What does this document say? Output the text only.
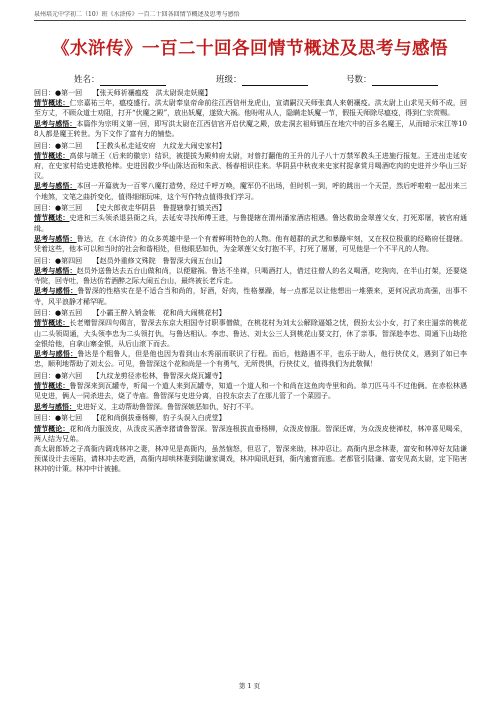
泉州培元中学初二（10）班《水浒传》一百二十回各回情节概述及思考与感悟
《水浒传》一百二十回各回情节概述及思考与感悟
姓名：	班级：	号数：

回目：●第一回　　【张天师祈禳瘟疫　洪太尉误走妖魔】

情节概述：仁宗嘉祐三年，瘟疫盛行。洪太尉奉皇帝命前往江西信州龙虎山，宣请嗣汉天师张真人来朝禳疫。洪太尉上山求见天师不成，回至方丈，不顾众道士劝阻，打开“伏魔之殿”，放出妖魔，遂致大祸。他吩咐从人，隐瞒走妖魔一节，假报天师除尽瘟疫，得到仁宗赏赐。

思考与感悟：本篇作为宗明义第一回，即写洪太尉在江西信宫开启伏魔之殿，放走洞玄祖师镇压在地穴中的百多名魔王，从而暗示宋江等108人都是魔王转世。为下文作了富有力的铺垫。

回目：●第二回　　【王教头私走延安府　九纹龙大闹史家村】

情节概述：高俅与端王（后来的徽宗）结识，被提拔为殿帅府太尉，对曾打翻他的王升的儿子八十万禁军教头王进施行报复。王进出走延安府，在史家村给史进教枪棒。史进因救少华山陈达而和朱武、杨春相识往来。华阴县中秋夜来史家村捉拿赏月喝酒吃肉的史进并少华山三好汉。

思考与感悟：本回一开篇就为一百零八魔打造势，经过千呼万唤，魔军仍不出场，但时机一到，呼的跳出一个天罡，然后呼啦啦一起出来三个地煞，文笔之曲折变化，值得细细玩味，这个写作特点值得我们学习。

回目：●第三回　　【史大郎夜走华阴县　鲁提辖拳打镇关西】

情节概述：史进和三头领杀退县衙之兵，去延安寻找师傅王进，与鲁提辖在渭州潘家酒店相遇。鲁达救助金翠莲父女，打死郑屠，被官府通缉。

思考与感悟：鲁达，在《水浒传》的众多英雄中是一个有着鲜明特色的人物。他有超群的武艺和暴躁牢刻，又在权位极重的经略府任提辖。凭着这些，他本可以和当时的社会和谐相处，但他眼恶如仇，为金翠莲父女打抱不平，打死了屠屠，可见他是一个不平凡的人物。

回目：●第四回　　【赵员外重修文殊院　鲁智深大闹五台山】

思考与感悟：赵员外送鲁达去五台山做和尚，以便避祸。鲁达不坐禅，只喝酒打人，借过往僧人的名义喝酒，吃狗肉，在半山打架，还要烧寺院，回寺吐，鲁达仿若酒醉之际大闹五台山，最终被长老斥走。

思考与感悟：鲁智深的性格实在是不适合当和尚的，好酒，好肉，性格暴躁，每一点都足以让他想出一堆猥来，更何况武功高强，出事不寺，风平浪静才稀罕呢。

回目：●第五回　　【小霸王醉入销金帐　花和尚大闹桃花村】

情节概述：长老赠智深四句偈言，智深去东京大相国寺讨职事僧做，在桃花村为刘太公解除逼婚之忧，假扮太公小女，打了来庄逼亲的桃花山二头领周通，大头领李忠为二头领打仇，与鲁达相认。李忠、鲁达、刘太公三人到桃花山要文打，休了亲事。智深趁李忠、周通下山劫抢金银给他，自拿山寨金银，从后山滚下而去。

思考与感悟：鲁达是个粗鲁人，但是他也因为看到山水秀丽而联识了行程。而后，他路遇不平，也乐于助人，他行侠仗义，遇到了如已李忠，顺利地帮助了刘太公。可见，鲁智深这个花和尚是一个有勇气，无所畏惧，行侠仗义，值得我们为此敬佩！

回目：●第六回　　【九纹龙剪径赤松林，鲁智深火烧瓦罐寺】

情节概述：鲁智深来到瓦罐寺，听闻一个道人来到瓦罐寺，知道一个道人和一个和尚在这鱼肉寺里和尚。单刀匹马斗不过他俩。在赤松林遇见史进，俩人一同杀进去，烧了寺庙。鲁智深与史进分离，自投东京去了在那儿管了一个菜园子。

思考与感悟：史进好义，主动帮助鲁智深。鲁智深嫉恶如仇，好打不平。

回目：●第七回　　【花和尚倒拔垂杨柳，豹子头误入白虎堂】

情节概论：花和尚力服泼皮，从泼皮买酒幸猪请鲁智深。智深连根拔直垂杨柳，众泼皮惊服。智深还席，为众泼皮使禅杖，林冲喜见喝采，两人结为兄弟。
高太尉郎娇之子高衙内调戏林冲之妻，林冲见是高衙内，虽然恼怒，但忍了，智深来助，林冲忍让。高衙内思念林妻，富安和林冲好友陆谦预谋设计去诬陷，请林冲去吃酒，高衙内却哄林妻到陆谦家调戏，林冲闻讯赶到，衙内逾窗而逃。老都管引陆谦、富安见高太尉，定下陷害林冲的计策。林冲中计被捕。

第 1 页
